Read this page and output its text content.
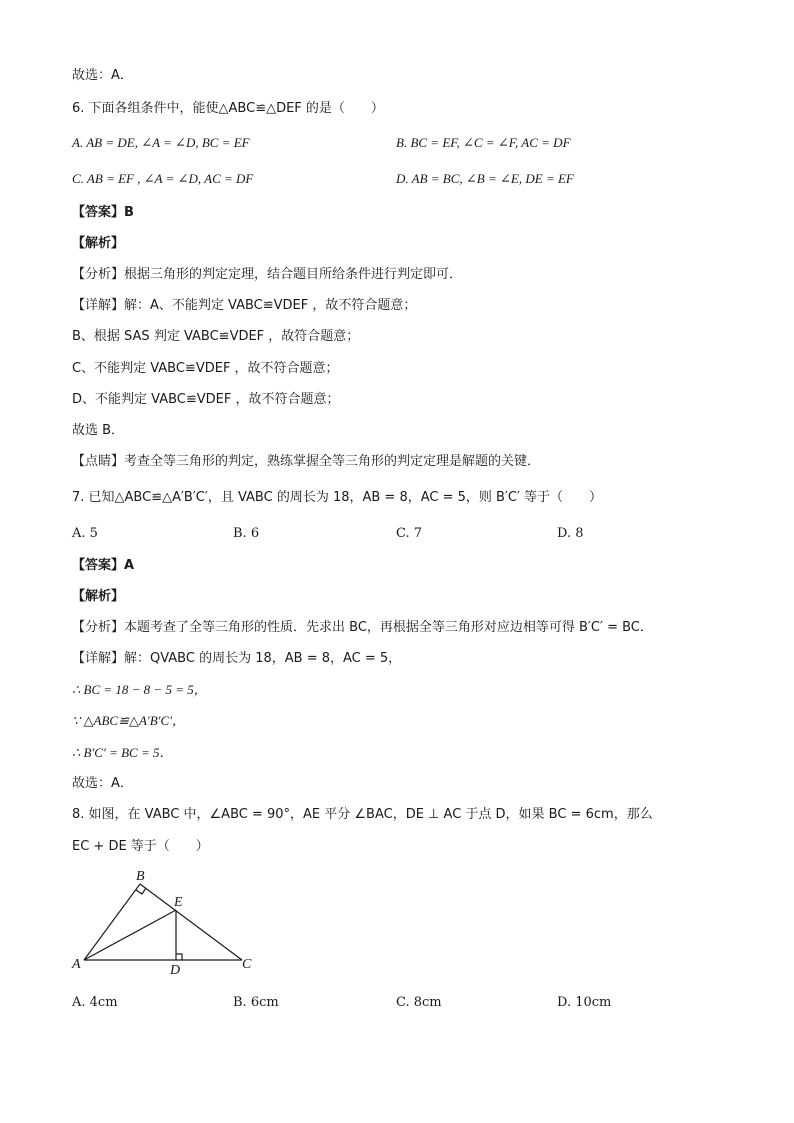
故选：A．
6. 下面各组条件中，能使△ABC≌△DEF 的是（　　）
A. AB = DE, ∠A = ∠D, BC = EF	B. BC = EF, ∠C = ∠F, AC = DF
C. AB = EF , ∠A = ∠D, AC = DF	D. AB = BC, ∠B = ∠E, DE = EF
【答案】B
【解析】
【分析】根据三角形的判定定理，结合题目所给条件进行判定即可．
【详解】解：A、不能判定 VABC≌VDEF ，故不符合题意；
B、根据 SAS 判定 VABC≌VDEF ，故符合题意；
C、不能判定 VABC≌VDEF ，故不符合题意；
D、不能判定 VABC≌VDEF ，故不符合题意；
故选 B．
【点睛】考查全等三角形的判定，熟练掌握全等三角形的判定定理是解题的关键．
7. 已知△ABC≌△A′B′C′，且 VABC 的周长为 18，AB = 8，AC = 5，则 B′C′ 等于（　　）
A. 5	B. 6	C. 7	D. 8
【答案】A
【解析】
【分析】本题考查了全等三角形的性质．先求出 BC，再根据全等三角形对应边相等可得 B′C′ = BC．
【详解】解：QVABC 的周长为 18，AB = 8，AC = 5，
∴ BC = 18 − 8 − 5 = 5，
∵ △ABC≌△A′B′C′，
∴ B′C′ = BC = 5．
故选：A．
8. 如图，在 VABC 中，∠ABC = 90°，AE 平分 ∠BAC，DE ⊥ AC 于点 D，如果 BC = 6cm，那么
EC + DE 等于（　　）
A
B
C
D
E
A. 4cm	B. 6cm	C. 8cm	D. 10cm
